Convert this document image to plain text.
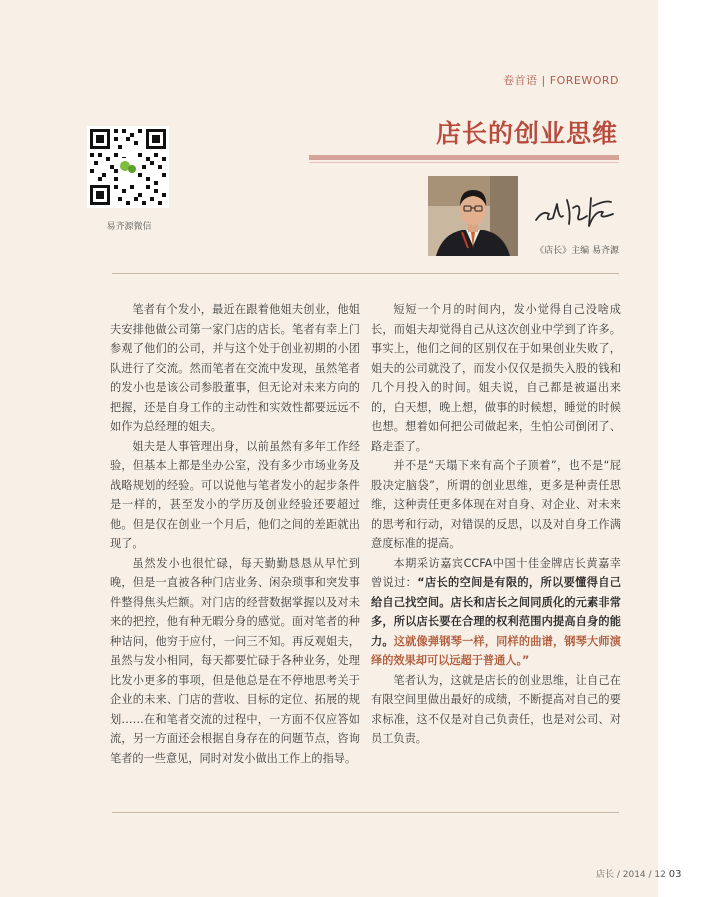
卷首语 | FOREWORD
店长的创业思维
易齐源微信
《店长》主编 易齐源

笔者有个发小，最近在跟着他姐夫创业，他姐夫安排他做公司第一家门店的店长。笔者有幸上门参观了他们的公司，并与这个处于创业初期的小团队进行了交流。然而笔者在交流中发现，虽然笔者的发小也是该公司参股董事，但无论对未来方向的把握，还是自身工作的主动性和实效性都要远远不如作为总经理的姐夫。

姐夫是人事管理出身，以前虽然有多年工作经验，但基本上都是坐办公室，没有多少市场业务及战略规划的经验。可以说他与笔者发小的起步条件是一样的，甚至发小的学历及创业经验还要超过他。但是仅在创业一个月后，他们之间的差距就出现了。

虽然发小也很忙碌，每天勤勤恳恳从早忙到晚，但是一直被各种门店业务、闲杂琐事和突发事件整得焦头烂额。对门店的经营数据掌握以及对未来的把控，他有种无暇分身的感觉。面对笔者的种种诘问，他穷于应付，一问三不知。再反观姐夫，虽然与发小相同，每天都要忙碌于各种业务，处理比发小更多的事项，但是他总是在不停地思考关于企业的未来、门店的营收、目标的定位、拓展的规划……在和笔者交流的过程中，一方面不仅应答如流，另一方面还会根据自身存在的问题节点，咨询笔者的一些意见，同时对发小做出工作上的指导。

短短一个月的时间内，发小觉得自己没啥成长，而姐夫却觉得自己从这次创业中学到了许多。事实上，他们之间的区别仅在于如果创业失败了，姐夫的公司就没了，而发小仅仅是损失入股的钱和几个月投入的时间。姐夫说，自己都是被逼出来的，白天想，晚上想，做事的时候想，睡觉的时候也想。想着如何把公司做起来，生怕公司倒闭了、路走歪了。

并不是“天塌下来有高个子顶着”，也不是“屁股决定脑袋”，所谓的创业思维，更多是种责任思维，这种责任更多体现在对自身、对企业、对未来的思考和行动，对错误的反思，以及对自身工作满意度标准的提高。

本期采访嘉宾CCFA中国十佳金牌店长黄嘉幸曾说过：“店长的空间是有限的，所以要懂得自己给自己找空间。店长和店长之间同质化的元素非常多，所以店长要在合理的权利范围内提高自身的能力。这就像弹钢琴一样，同样的曲谱，钢琴大师演绎的效果却可以远超于普通人。”

笔者认为，这就是店长的创业思维，让自己在有限空间里做出最好的成绩，不断提高对自己的要求标准，这不仅是对自己负责任，也是对公司、对员工负责。

店长 / 2014 / 12 03
